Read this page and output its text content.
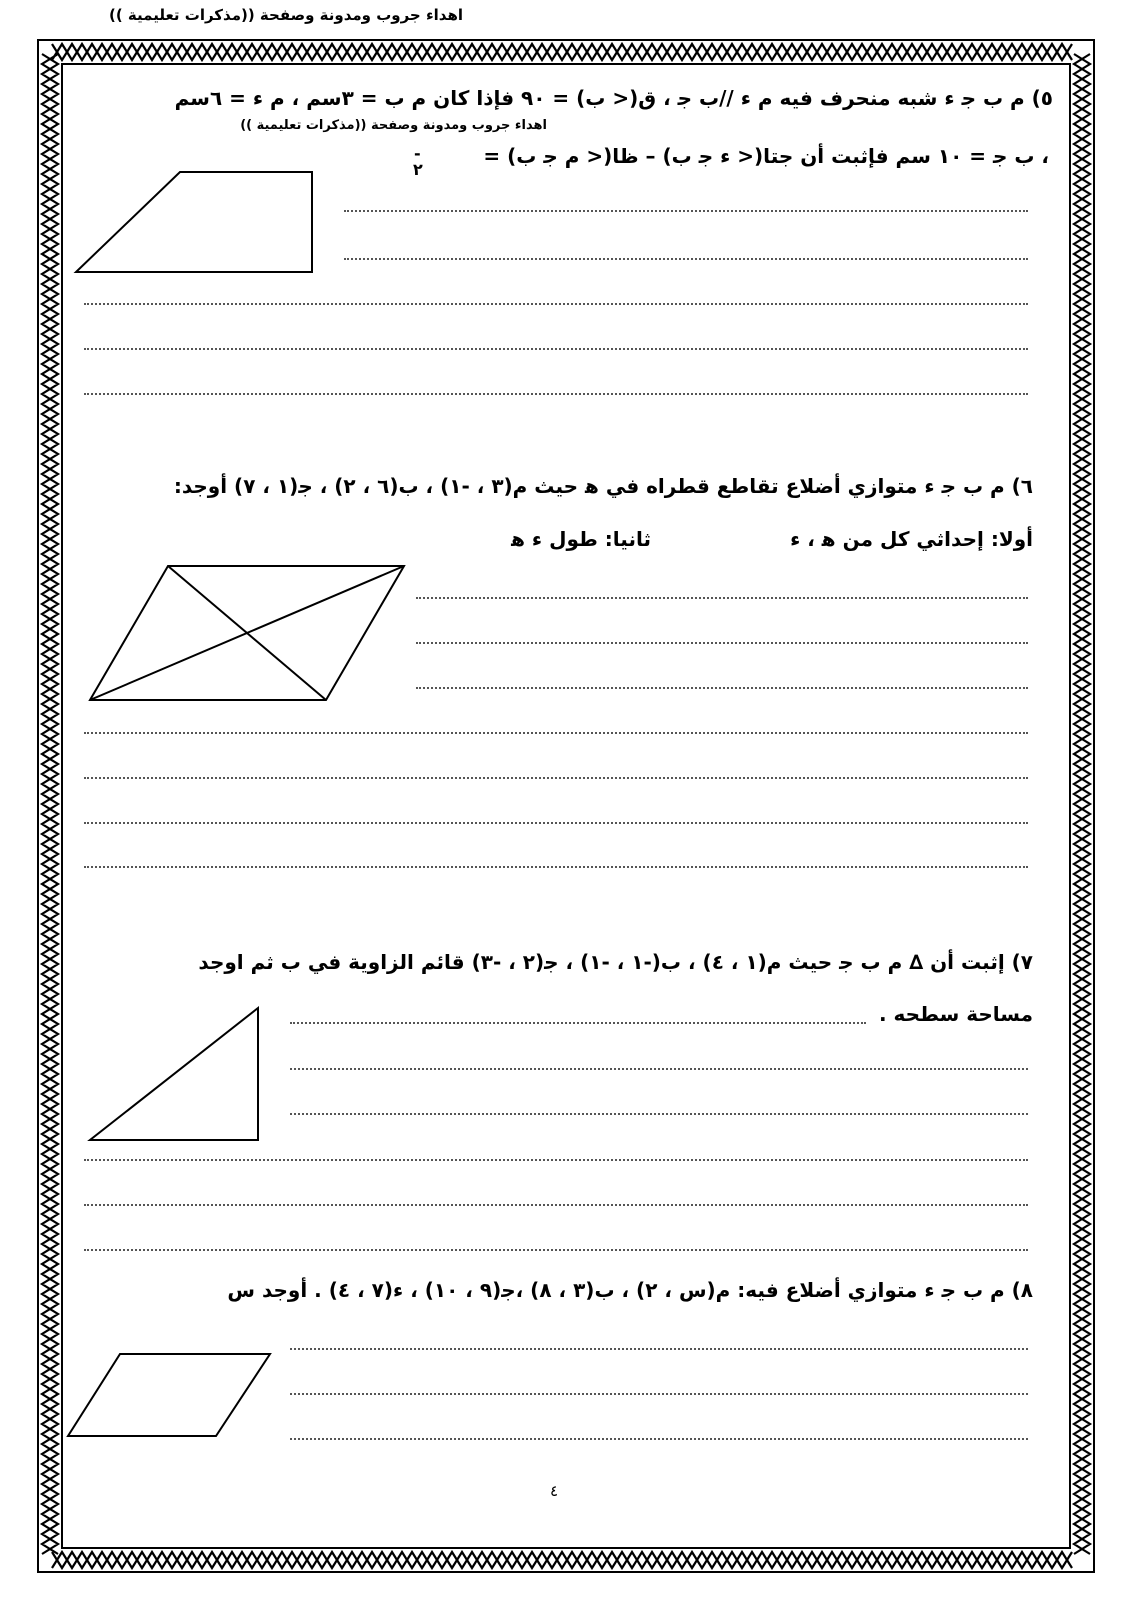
اهداء جروب ومدونة وصفحة ((مذكرات تعليمية ))
٥) ﻡ ب ﺟ ء شبه منحرف فيه ﻡ ء //ب ﺟ ، ق(< ب) = ٩٠ فإذا كان ﻡ ب = ٣سم ، ﻡ ء = ٦سم
اهداء جروب ومدونة وصفحة ((مذكرات تعليمية ))
، ب ﺟ = ١٠ سم فإثبت أن جتا(< ء ﺟ ب) – ظا(< ﻡ ﺟ ب) =
-
٢
٦) ﻡ ب ﺟ ء متوازي أضلاع تقاطع قطراه في ﻫ حيث ﻡ(٣ ، -١) ، ب(٦ ، ٢) ، ﺟ(١ ، ٧) أوجد:
أولا: إحداثي كل من ﻫ ، ء
ثانيا: طول ء ﻫ
٧) إثبت أن ∆ ﻡ ب ﺟ حيث ﻡ(١ ، ٤) ، ب(-١ ، -١) ، ﺟ(٢ ، -٣) قائم الزاوية في ب ثم اوجد
مساحة سطحه .
٨) ﻡ ب ﺟ ء متوازي أضلاع فيه: ﻡ(س ، ٢) ، ب(٣ ، ٨) ،ﺟ(٩ ، ١٠) ، ء(٧ ، ٤) . أوجد س
٤
